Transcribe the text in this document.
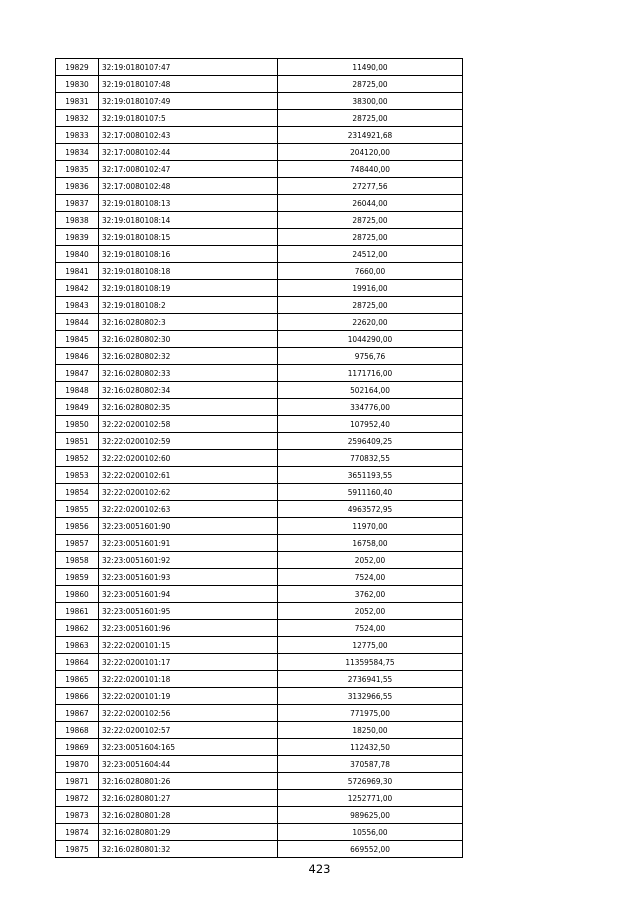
19829	32:19:0180107:47	11490,00
19830	32:19:0180107:48	28725,00
19831	32:19:0180107:49	38300,00
19832	32:19:0180107:5	28725,00
19833	32:17:0080102:43	2314921,68
19834	32:17:0080102:44	204120,00
19835	32:17:0080102:47	748440,00
19836	32:17:0080102:48	27277,56
19837	32:19:0180108:13	26044,00
19838	32:19:0180108:14	28725,00
19839	32:19:0180108:15	28725,00
19840	32:19:0180108:16	24512,00
19841	32:19:0180108:18	7660,00
19842	32:19:0180108:19	19916,00
19843	32:19:0180108:2	28725,00
19844	32:16:0280802:3	22620,00
19845	32:16:0280802:30	1044290,00
19846	32:16:0280802:32	9756,76
19847	32:16:0280802:33	1171716,00
19848	32:16:0280802:34	502164,00
19849	32:16:0280802:35	334776,00
19850	32:22:0200102:58	107952,40
19851	32:22:0200102:59	2596409,25
19852	32:22:0200102:60	770832,55
19853	32:22:0200102:61	3651193,55
19854	32:22:0200102:62	5911160,40
19855	32:22:0200102:63	4963572,95
19856	32:23:0051601:90	11970,00
19857	32:23:0051601:91	16758,00
19858	32:23:0051601:92	2052,00
19859	32:23:0051601:93	7524,00
19860	32:23:0051601:94	3762,00
19861	32:23:0051601:95	2052,00
19862	32:23:0051601:96	7524,00
19863	32:22:0200101:15	12775,00
19864	32:22:0200101:17	11359584,75
19865	32:22:0200101:18	2736941,55
19866	32:22:0200101:19	3132966,55
19867	32:22:0200102:56	771975,00
19868	32:22:0200102:57	18250,00
19869	32:23:0051604:165	112432,50
19870	32:23:0051604:44	370587,78
19871	32:16:0280801:26	5726969,30
19872	32:16:0280801:27	1252771,00
19873	32:16:0280801:28	989625,00
19874	32:16:0280801:29	10556,00
19875	32:16:0280801:32	669552,00
423
